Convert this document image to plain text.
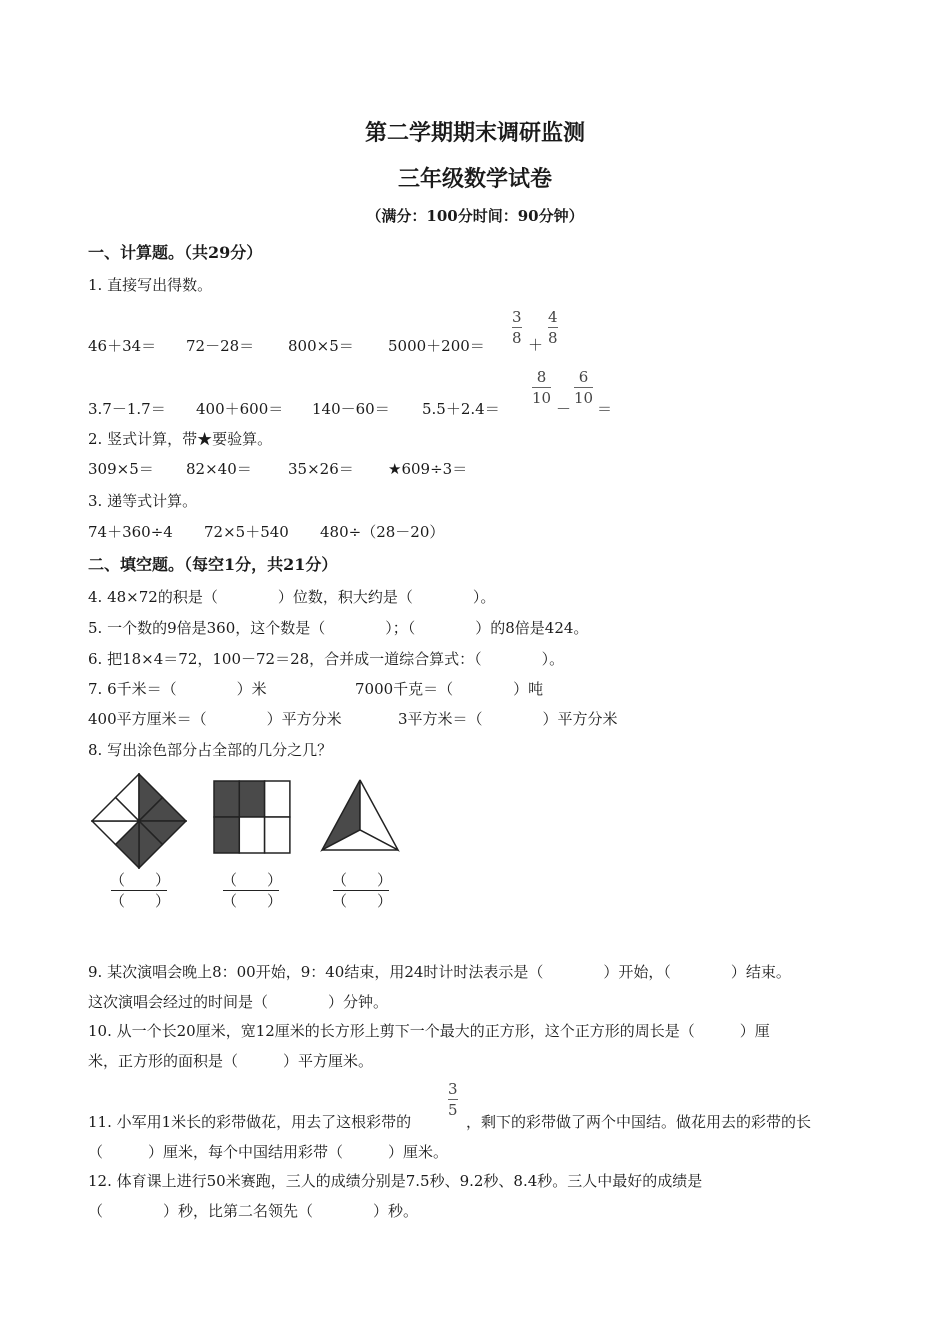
第二学期期末调研监测
三年级数学试卷
（满分：100分时间：90分钟）
一、计算题。（共29分）
1. 直接写出得数。
46＋34＝ 72－28＝ 800×5＝ 5000＋200＝
3
8 ＋
4
8
3.7－1.7＝ 400＋600＝ 140－60＝ 5.5＋2.4＝
8
10
－
6
10
＝
2. 竖式计算，带★要验算。
309×5＝ 82×40＝ 35×26＝ ★609÷3＝
3. 递等式计算。
74＋360÷4 72×5＋540 480÷（28－20）
二、填空题。（每空1分，共21分）
4. 48×72的积是（　　　　）位数，积大约是（　　　　）。
5. 一个数的9倍是360，这个数是（　　　　）；（　　　　）的8倍是424。
6. 把18×4＝72，100－72＝28，合并成一道综合算式：（　　　　）。
7. 6千米＝（　　　　）米	7000千克＝（　　　　）吨
400平方厘米＝（　　　　）平方分米	3平方米＝（　　　　）平方分米
8. 写出涂色部分占全部的几分之几？
（　　）
（　　）
（　　）
（　　）
（　　）
（　　）
9. 某次演唱会晚上8：00开始，9：40结束，用24时计时法表示是（　　　　）开始，（　　　　）结束。
这次演唱会经过的时间是（　　　　）分钟。
10. 从一个长20厘米，宽12厘米的长方形上剪下一个最大的正方形，这个正方形的周长是（　　　）厘
米，正方形的面积是（　　　）平方厘米。
3
5
11. 小军用1米长的彩带做花，用去了这根彩带的	，剩下的彩带做了两个中国结。做花用去的彩带的长
（　　　）厘米，每个中国结用彩带（　　　）厘米。
12. 体育课上进行50米赛跑，三人的成绩分别是7.5秒、9.2秒、8.4秒。三人中最好的成绩是
（　　　　）秒，比第二名领先（　　　　）秒。
